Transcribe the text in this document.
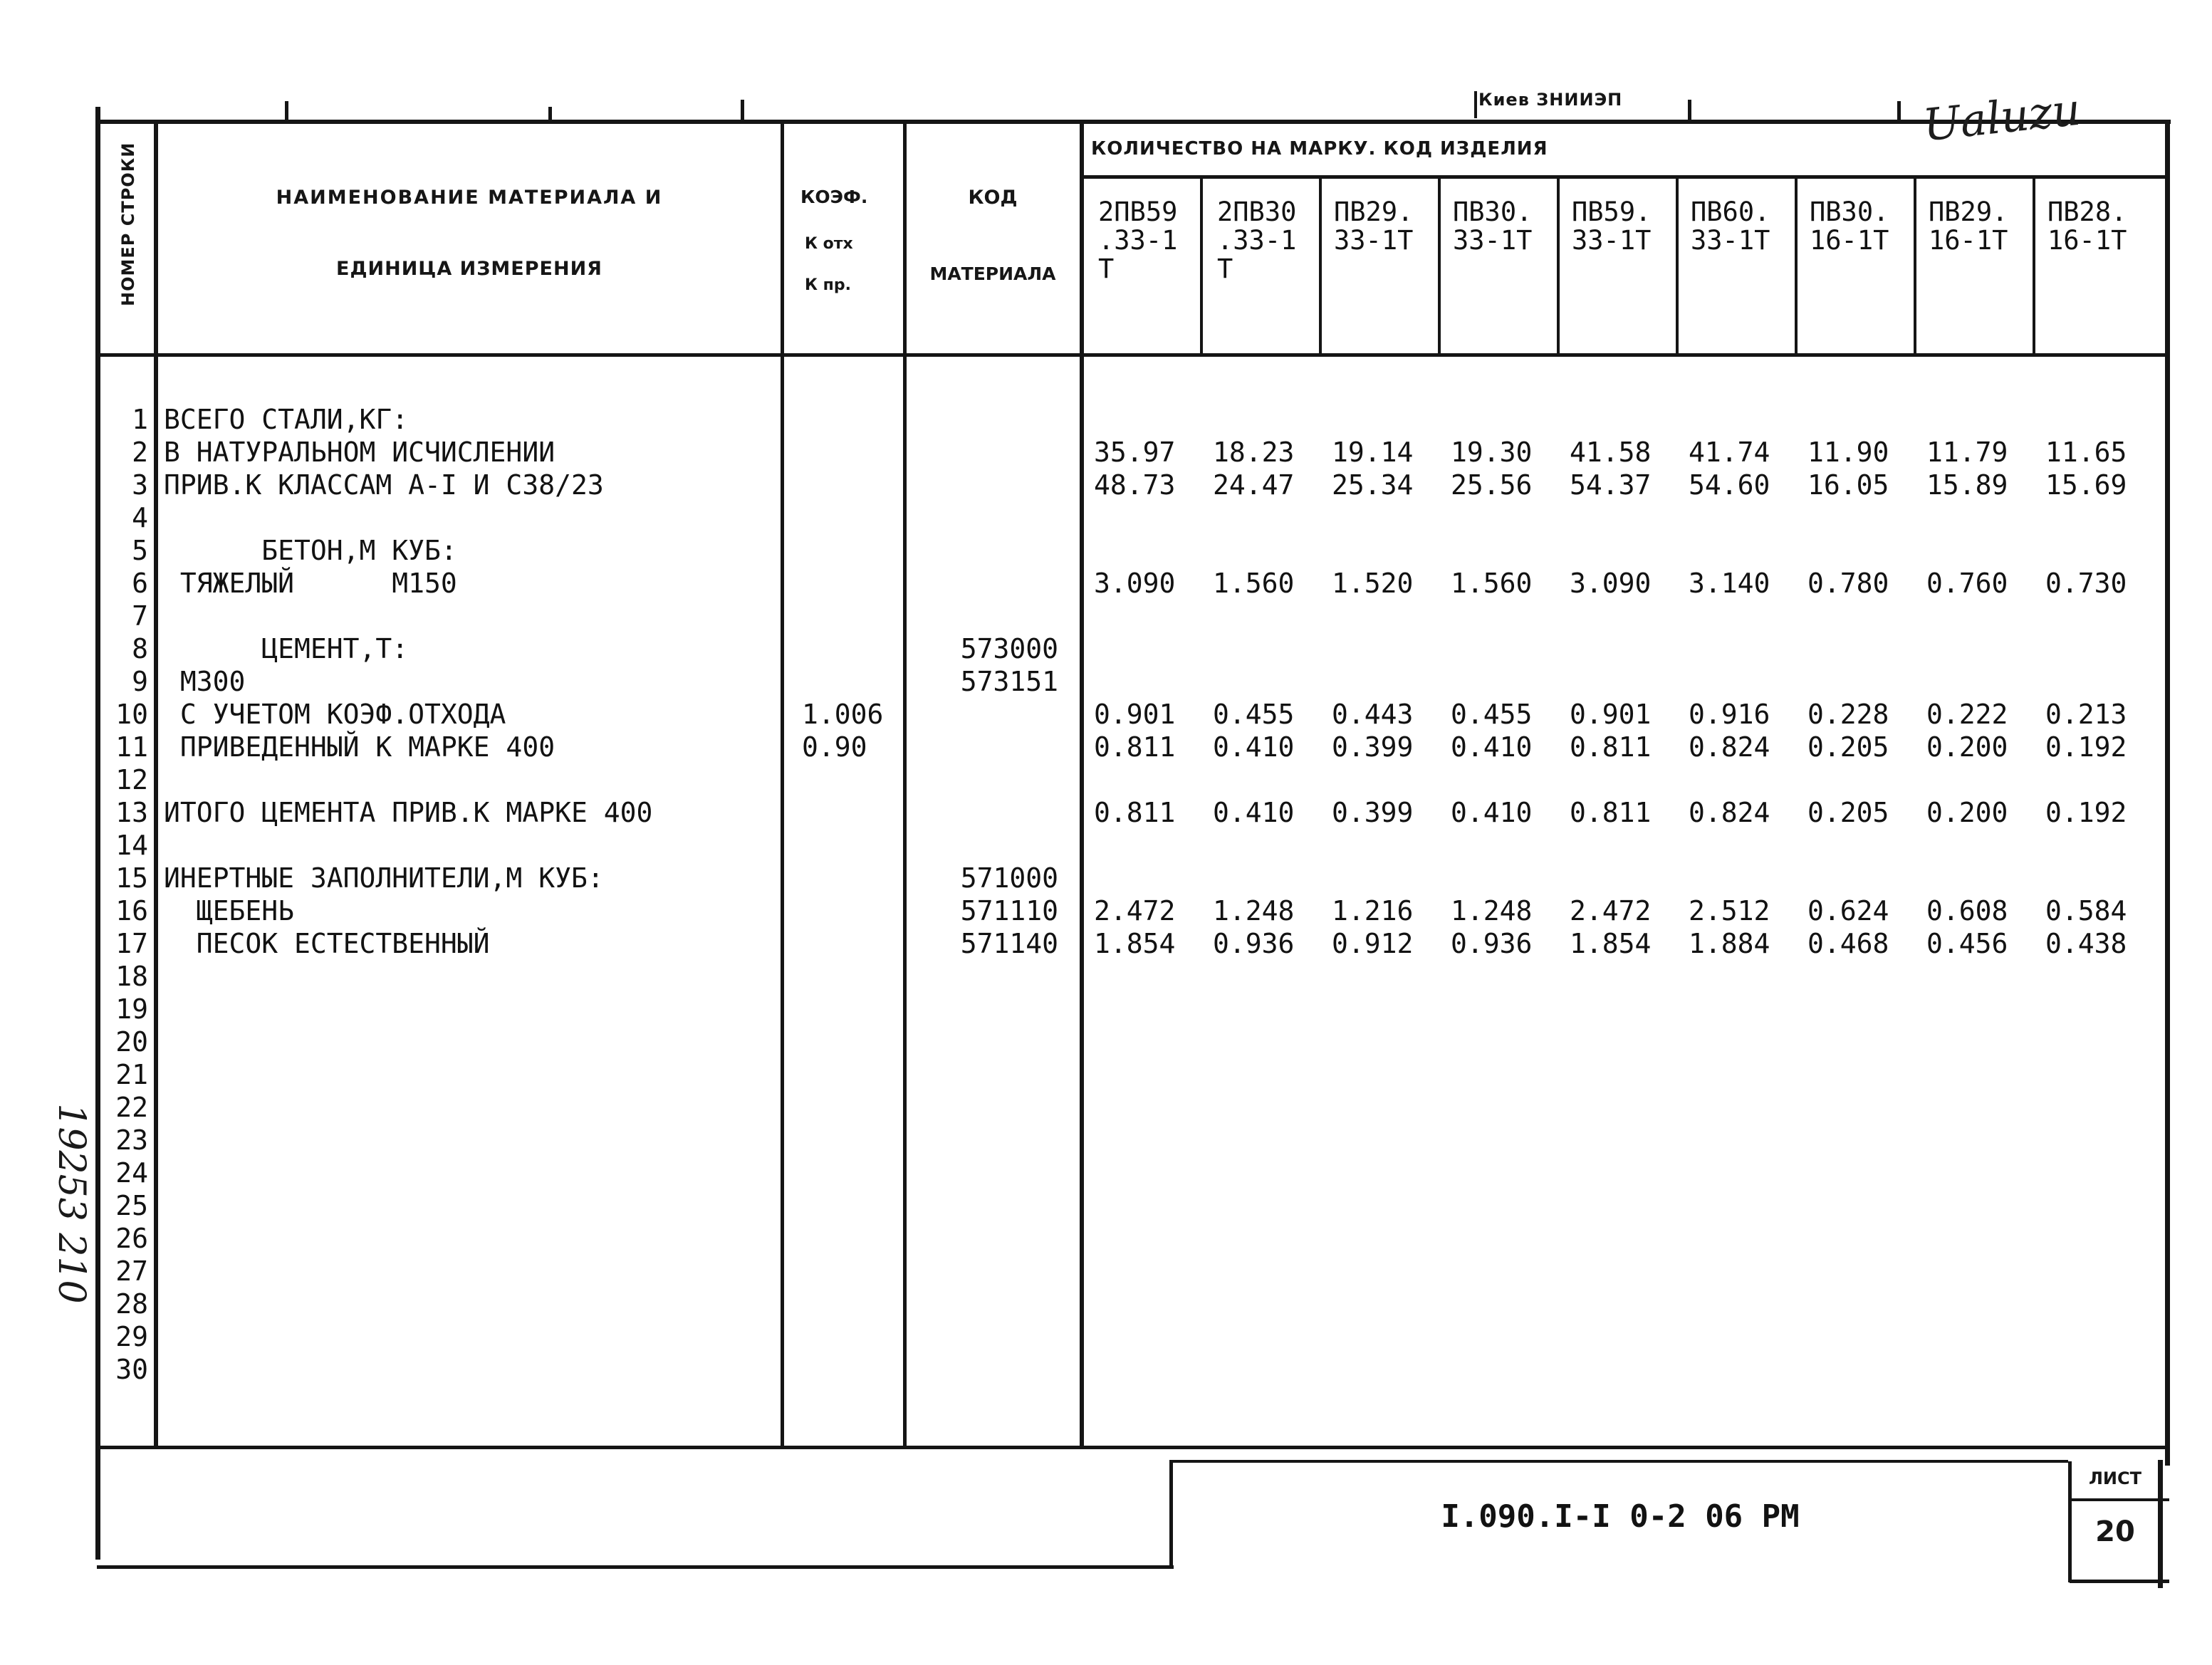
Киев ЗНИИЭП	Ualuzu
19253 210
НОМЕР СТРОКИ	НАИМЕНОВАНИЕ МАТЕРИАЛА И
ЕДИНИЦА ИЗМЕРЕНИЯ
КОЭФ.
К отх
К пр.
КОД
МАТЕРИАЛА
КОЛИЧЕСТВО НА МАРКУ. КОД ИЗДЕЛИЯ
2ПВ59
.33-1
Т
2ПВ30
.33-1
Т
ПВ29.
33-1Т
ПВ30.
33-1Т
ПВ59.
33-1Т
ПВ60.
33-1Т
ПВ30.
16-1Т
ПВ29.
16-1Т
ПВ28.
16-1Т
1
2
3
4
5
6
7
8
9
10
11
12
13
14
15
16
17
18
19
20
21
22
23
24
25
26
27
28
29
30
ВСЕГО СТАЛИ,КГ:
В НАТУРАЛЬНОМ ИСЧИСЛЕНИИ
ПРИВ.К КЛАССАМ А-I И С38/23
БЕТОН,М КУБ:
ТЯЖЕЛЫЙ      М150
ЦЕМЕНТ,Т:
М300
С УЧЕТОМ КОЭФ.ОТХОДА
ПРИВЕДЕННЫЙ К МАРКЕ 400
ИТОГО ЦЕМЕНТА ПРИВ.К МАРКЕ 400
ИНЕРТНЫЕ ЗАПОЛНИТЕЛИ,М КУБ:
ЩЕБЕНЬ
ПЕСОК ЕСТЕСТВЕННЫЙ
1.006
0.90
573000
573151
571000
571110
571140
35.97
48.73
3.090
0.901
0.811
0.811
2.472
1.854
18.23
24.47
1.560
0.455
0.410
0.410
1.248
0.936
19.14
25.34
1.520
0.443
0.399
0.399
1.216
0.912
19.30
25.56
1.560
0.455
0.410
0.410
1.248
0.936
41.58
54.37
3.090
0.901
0.811
0.811
2.472
1.854
41.74
54.60
3.140
0.916
0.824
0.824
2.512
1.884
11.90
16.05
0.780
0.228
0.205
0.205
0.624
0.468
11.79
15.89
0.760
0.222
0.200
0.200
0.608
0.456
11.65
15.69
0.730
0.213
0.192
0.192
0.584
0.438
I.090.I-I 0-2 06 РМ
ЛИСТ
20
